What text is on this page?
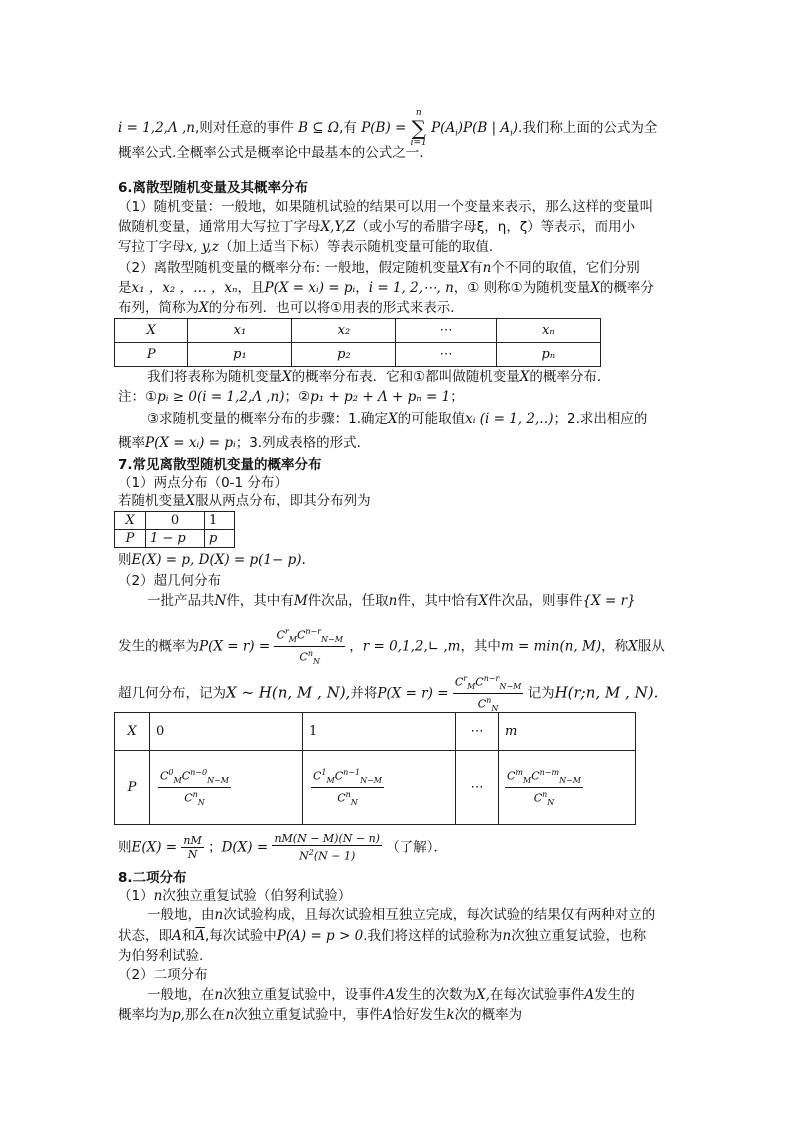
i = 1,2,Λ ,n,则对任意的事件 B ⊆ Ω,有 P(B) =
n
∑
i=1
$P(A_i)P(B$ | $A_i$).我们称上面的公式为全
概率公式.全概率公式是概率论中最基本的公式之一.
6.离散型随机变量及其概率分布
（1）随机变量：一般地，如果随机试验的结果可以用一个变量来表示，那么这样的变量叫
做随机变量，通常用大写拉丁字母X,Y,Z（或小写的希腊字母ξ，η，ζ）等表示，而用小
写拉丁字母x, y,z（加上适当下标）等表示随机变量可能的取值.
（2）离散型随机变量的概率分布: 一般地，假定随机变量X有n个不同的取值，它们分别
是x₁ ，x₂ ，… ，xₙ，且P(X = xᵢ) = pᵢ，i = 1, 2,⋯, n，① 则称①为随机变量X的概率分
布列，简称为X的分布列．也可以将①用表的形式来表示．
X	x₁	x₂	⋯	xₙ
P	p₁	p₂	⋯	pₙ
我们将表称为随机变量X的概率分布表．它和①都叫做随机变量X的概率分布．
注：①pᵢ ≥ 0(i = 1,2,Λ ,n)；②p₁ + p₂ + Λ + pₙ = 1；
③求随机变量的概率分布的步骤：1.确定X的可能取值xᵢ (i = 1, 2,‥)；2.求出相应的
概率P(X = xᵢ) = pᵢ；3.列成表格的形式.
7.常见离散型随机变量的概率分布
（1）两点分布（0-1 分布）
若随机变量X服从两点分布，即其分布列为
X	0	1
P	1 − p	p
则E(X) = p, D(X) = p(1− p).
（2）超几何分布
一批产品共N件，其中有M件次品，任取n件，其中恰有X件次品，则事件{X = r}
发生的概率为$P(X = r) = \frac{C^r_MC^{n-r}_{N-M}}{C^n_N}$ ，r = 0,1,2,∟ ,m，其中m = min(n, M)，称X服从
超几何分布，记为X ~ H(n, M , N),并将$P(X = r) = \frac{C^r_MC^{n-r}_{N-M}}{C^n_N}$ 记为H(r;n, M , N).
X	0	1	⋯	m
P	$\frac{C^0_MC^{n-0}_{N-M}}{C^n_N}$	$\frac{C^1_MC^{n-1}_{N-M}}{C^n_N}$	⋯	$\frac{C^m_MC^{n-m}_{N-M}}{C^n_N}$
则$E(X) = \frac{nM}{N}$ ；$D(X) = \frac{nM(N - M)(N - n)}{N^2(N - 1)}$ （了解）．
8.二项分布
（1）n次独立重复试验（伯努利试验）
一般地，由n次试验构成，且每次试验相互独立完成，每次试验的结果仅有两种对立的
状态，即A和$\overline{A}$,每次试验中P(A) = p > 0.我们将这样的试验称为n次独立重复试验，也称
为伯努利试验.
（2）二项分布
一般地，在n次独立重复试验中，设事件A发生的次数为X,在每次试验事件A发生的
概率均为p,那么在n次独立重复试验中，事件A恰好发生k次的概率为
